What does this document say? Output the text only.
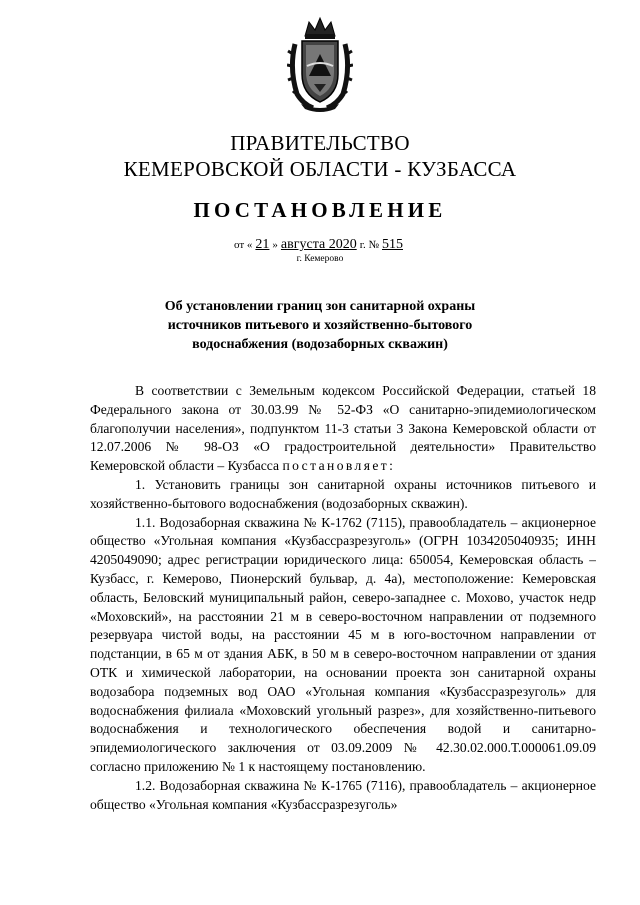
ПРАВИТЕЛЬСТВО
КЕМЕРОВСКОЙ ОБЛАСТИ - КУЗБАССА
ПОСТАНОВЛЕНИЕ
от « 21 » августа 2020 г. № 515
г. Кемерово
Об установлении границ зон санитарной охраны
источников питьевого и хозяйственно-бытового
водоснабжения (водозаборных скважин)

В соответствии с Земельным кодексом Российской Федерации, статьей 18 Федерального закона от 30.03.99 № 52-ФЗ «О санитарно-эпидемиологическом благополучии населения», подпунктом 11-3 статьи 3 Закона Кемеровской области от 12.07.2006 № 98-ОЗ «О градостроительной деятельности» Правительство Кемеровской области – Кузбасса постановляет:

1. Установить границы зон санитарной охраны источников питьевого и хозяйственно-бытового водоснабжения (водозаборных скважин).

1.1. Водозаборная скважина № К-1762 (7115), правообладатель – акционерное общество «Угольная компания «Кузбассразрезуголь» (ОГРН 1034205040935; ИНН 4205049090; адрес регистрации юридического лица: 650054, Кемеровская область – Кузбасс, г. Кемерово, Пионерский бульвар, д. 4а), местоположение: Кемеровская область, Беловский муниципальный район, северо-западнее с. Мохово, участок недр «Моховский», на расстоянии 21 м в северо-восточном направлении от подземного резервуара чистой воды, на расстоянии 45 м в юго-восточном направлении от подстанции, в 65 м от здания АБК, в 50 м в северо-восточном направлении от здания ОТК и химической лаборатории, на основании проекта зон санитарной охраны водозабора подземных вод ОАО «Угольная компания «Кузбассразрезуголь» для водоснабжения филиала «Моховский угольный разрез», для хозяйственно-питьевого водоснабжения и технологического обеспечения водой и санитарно-эпидемиологического заключения от 03.09.2009 № 42.30.02.000.Т.000061.09.09 согласно приложению № 1 к настоящему постановлению.

1.2. Водозаборная скважина № К-1765 (7116), правообладатель – акционерное общество «Угольная компания «Кузбассразрезуголь»
